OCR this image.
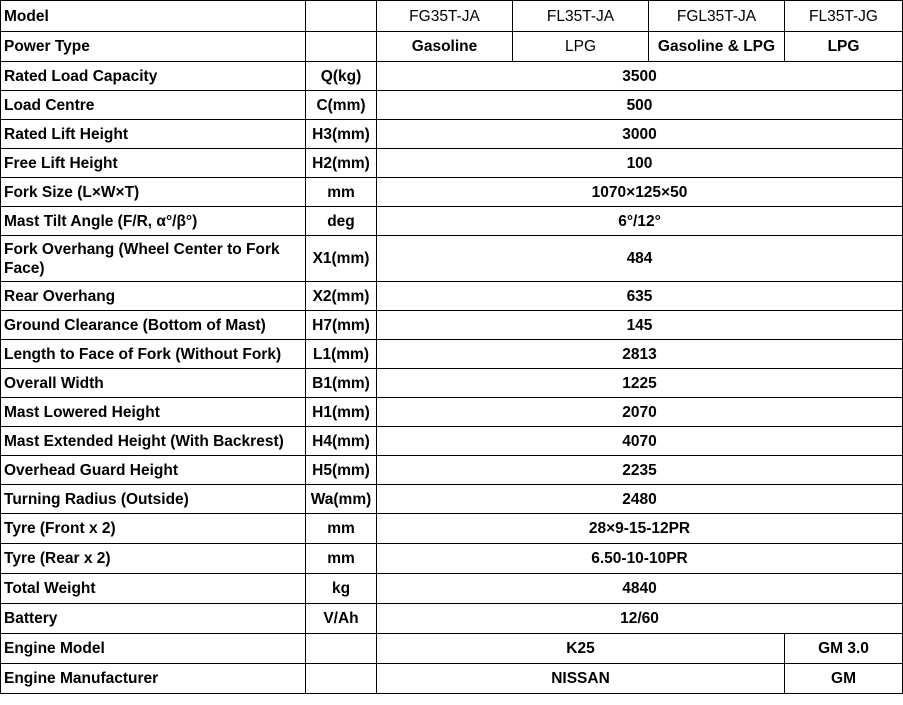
Model		FG35T-JA	FL35T-JA	FGL35T-JA	FL35T-JG
Power Type		Gasoline	LPG	Gasoline & LPG	LPG
Rated Load Capacity	Q(kg)	3500			
Load Centre	C(mm)	500			
Rated Lift Height	H3(mm)	3000			
Free Lift Height	H2(mm)	100			
Fork Size (L×W×T)	mm	1070×125×50			
Mast Tilt Angle (F/R, α°/β°)	deg	6°/12°			
Fork Overhang (Wheel Center to Fork Face)	X1(mm)	484			
Rear Overhang	X2(mm)	635			
Ground Clearance (Bottom of Mast)	H7(mm)	145			
Length to Face of Fork (Without Fork)	L1(mm)	2813			
Overall Width	B1(mm)	1225			
Mast Lowered Height	H1(mm)	2070			
Mast Extended Height (With Backrest)	H4(mm)	4070			
Overhead Guard Height	H5(mm)	2235			
Turning Radius (Outside)	Wa(mm)	2480			
Tyre (Front x 2)	mm	28×9-15-12PR			
Tyre (Rear x 2)	mm	6.50-10-10PR			
Total Weight	kg	4840			
Battery	V/Ah	12/60			
Engine Model		K25			GM 3.0
Engine Manufacturer		NISSAN			GM
